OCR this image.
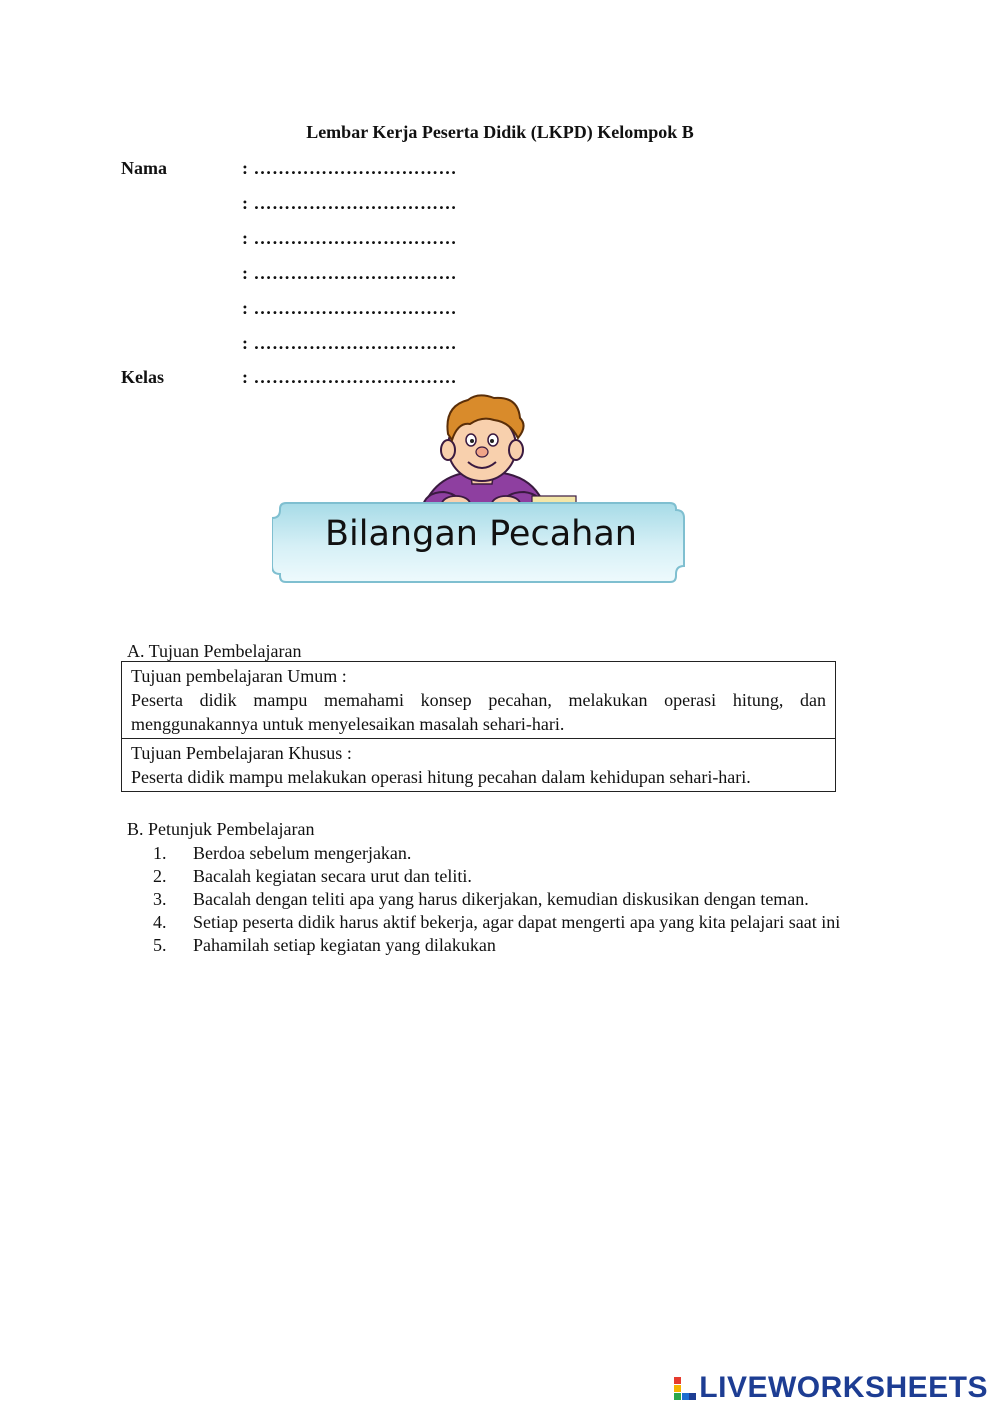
Lembar Kerja Peserta Didik (LKPD) Kelompok B
Nama	: ……………………………
: ……………………………
: ……………………………
: ……………………………
: ……………………………
: ……………………………
Kelas	: ……………………………
Bilangan Pecahan
A. Tujuan Pembelajaran
Tujuan pembelajaran Umum :
Peserta didik mampu memahami konsep pecahan, melakukan operasi hitung, dan menggunakannya untuk menyelesaikan masalah sehari-hari.
Tujuan Pembelajaran Khusus :
Peserta didik mampu melakukan operasi hitung pecahan dalam kehidupan sehari-hari.
B. Petunjuk Pembelajaran
1.	Berdoa sebelum mengerjakan.
2.	Bacalah kegiatan secara urut dan teliti.
3.	Bacalah dengan teliti apa yang harus dikerjakan, kemudian diskusikan dengan teman.
4.	Setiap peserta didik harus aktif bekerja, agar dapat mengerti apa yang kita pelajari saat ini
5.	Pahamilah setiap kegiatan yang dilakukan
LIVEWORKSHEETS
